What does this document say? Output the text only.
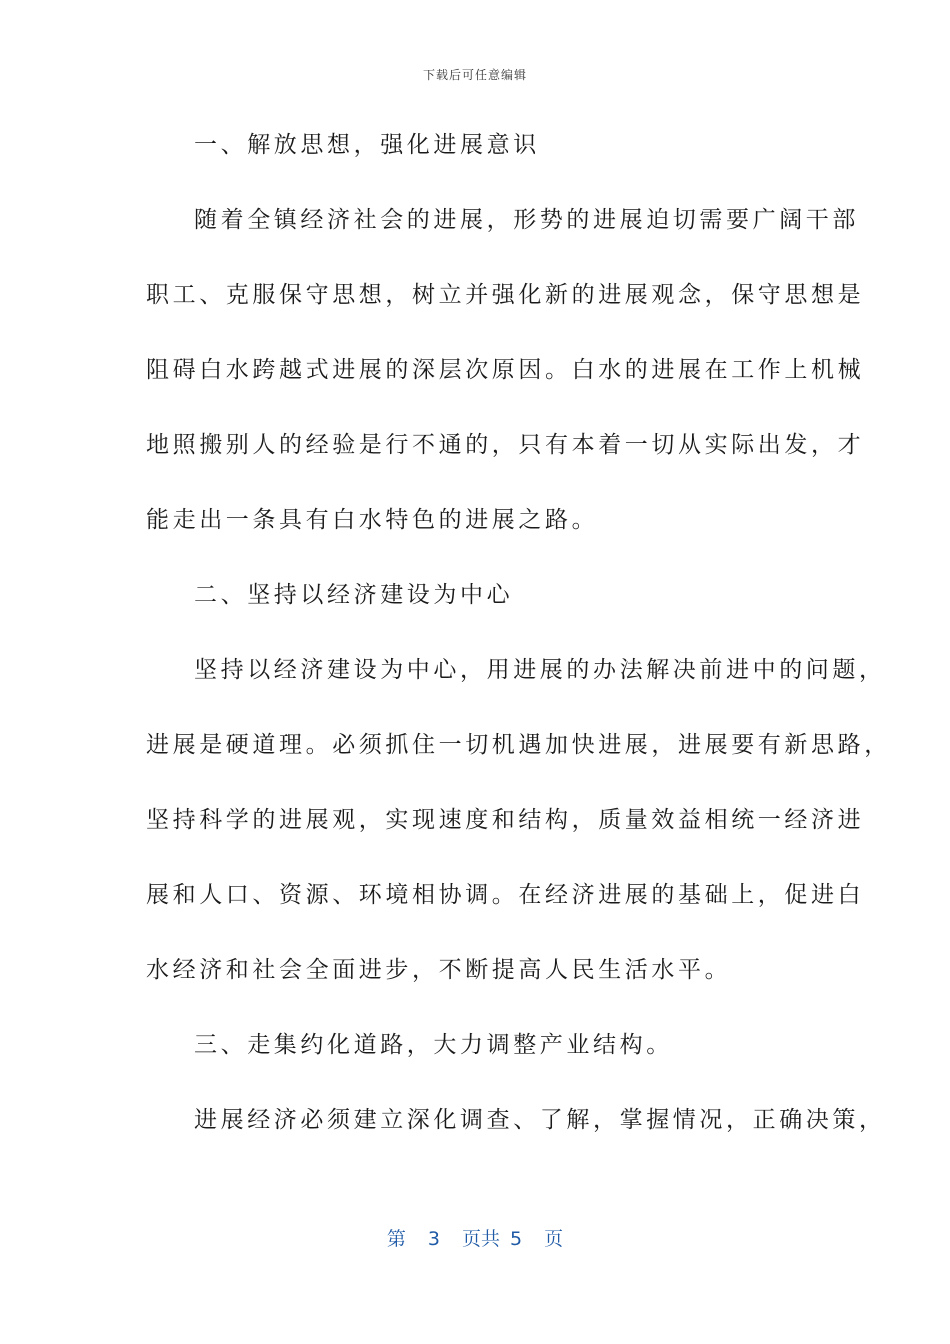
下载后可任意编辑
一、解放思想，强化进展意识
随着全镇经济社会的进展，形势的进展迫切需要广阔干部
职工、克服保守思想，树立并强化新的进展观念，保守思想是
阻碍白水跨越式进展的深层次原因。白水的进展在工作上机械
地照搬别人的经验是行不通的，只有本着一切从实际出发，才
能走出一条具有白水特色的进展之路。
二、坚持以经济建设为中心
坚持以经济建设为中心，用进展的办法解决前进中的问题，
进展是硬道理。必须抓住一切机遇加快进展，进展要有新思路，
坚持科学的进展观，实现速度和结构，质量效益相统一经济进
展和人口、资源、环境相协调。在经济进展的基础上，促进白
水经济和社会全面进步，不断提高人民生活水平。
三、走集约化道路，大力调整产业结构。
进展经济必须建立深化调查、了解，掌握情况，正确决策，
第 3 页共 5 页
